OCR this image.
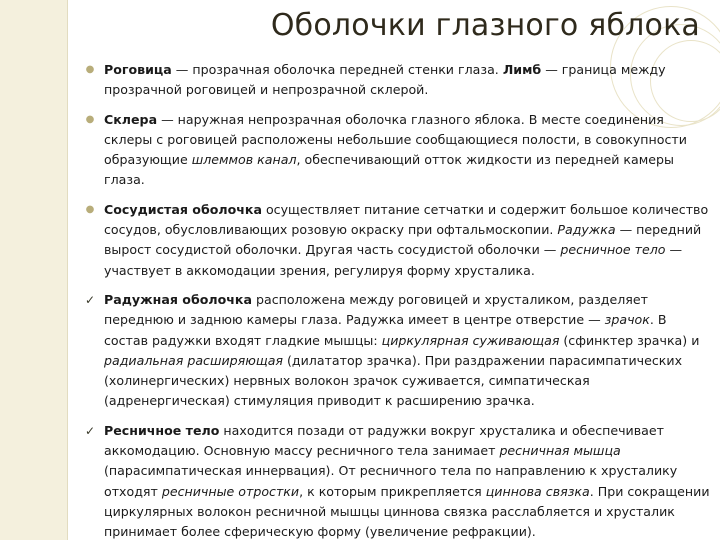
Оболочки глазного яблока
● Роговица — прозрачная оболочка передней стенки глаза. Лимб — граница между прозрачной роговицей и непрозрачной склерой.
● Склера — наружная непрозрачная оболочка глазного яблока. В месте соединения склеры с роговицей расположены небольшие сообщающиеся полости, в совокупности образующие шлеммов канал, обеспечивающий отток жидкости из передней камеры глаза.
● Сосудистая оболочка осуществляет питание сетчатки и содержит большое количество сосудов, обусловливающих розовую окраску при офтальмоскопии. Радужка — передний вырост сосудистой оболочки. Другая часть сосудистой оболочки — ресничное тело — участвует в аккомодации зрения, регулируя форму хрусталика.
✓ Радужная оболочка расположена между роговицей и хрусталиком, разделяет переднюю и заднюю камеры глаза. Радужка имеет в центре отверстие — зрачок. В состав радужки входят гладкие мышцы: циркулярная суживающая (сфинктер зрачка) и радиальная расширяющая (дилататор зрачка). При раздражении парасимпатических (холинергических) нервных волокон зрачок суживается, симпатическая (адренергическая) стимуляция приводит к расширению зрачка.
✓ Ресничное тело находится позади от радужки вокруг хрусталика и обеспечивает аккомодацию. Основную массу ресничного тела занимает ресничная мышца (парасимпатическая иннервация). От ресничного тела по направлению к хрусталику отходят ресничные отростки, к которым прикрепляется циннова связка. При сокращении циркулярных волокон ресничной мышцы циннова связка расслабляется и хрусталик принимает более сферическую форму (увеличение рефракции).
